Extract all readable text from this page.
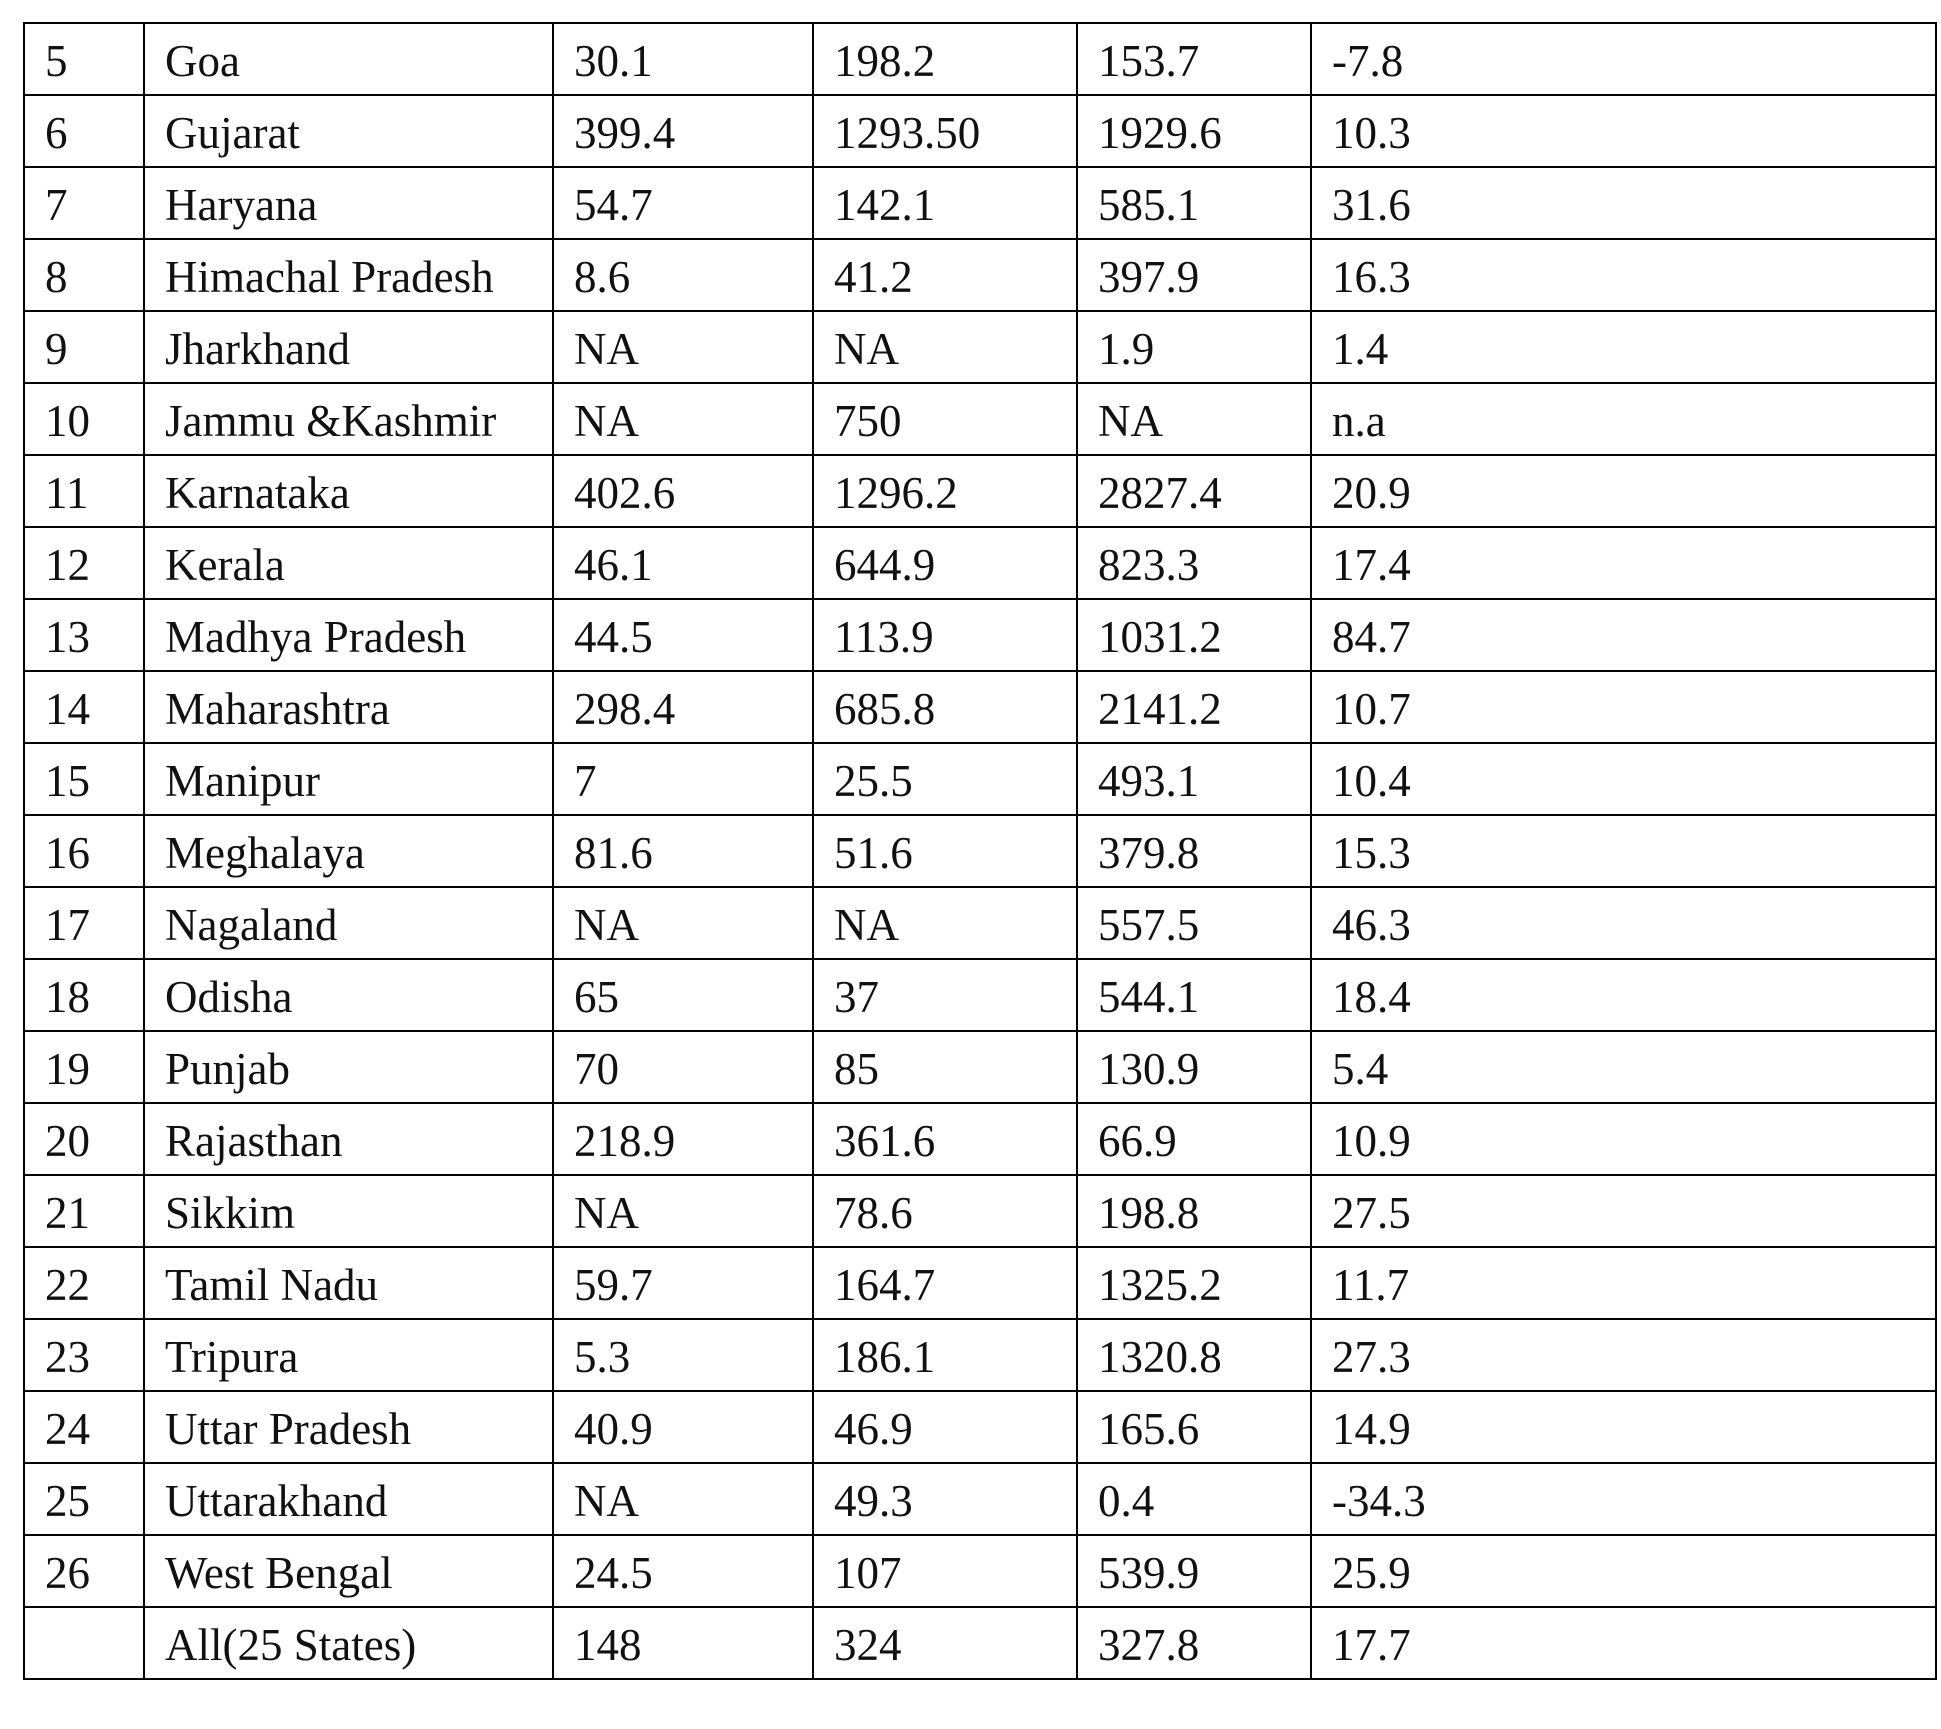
5	Goa	30.1	198.2	153.7	-7.8
6	Gujarat	399.4	1293.50	1929.6	10.3
7	Haryana	54.7	142.1	585.1	31.6
8	Himachal Pradesh	8.6	41.2	397.9	16.3
9	Jharkhand	NA	NA	1.9	1.4
10	Jammu &Kashmir	NA	750	NA	n.a
11	Karnataka	402.6	1296.2	2827.4	20.9
12	Kerala	46.1	644.9	823.3	17.4
13	Madhya Pradesh	44.5	113.9	1031.2	84.7
14	Maharashtra	298.4	685.8	2141.2	10.7
15	Manipur	7	25.5	493.1	10.4
16	Meghalaya	81.6	51.6	379.8	15.3
17	Nagaland	NA	NA	557.5	46.3
18	Odisha	65	37	544.1	18.4
19	Punjab	70	85	130.9	5.4
20	Rajasthan	218.9	361.6	66.9	10.9
21	Sikkim	NA	78.6	198.8	27.5
22	Tamil Nadu	59.7	164.7	1325.2	11.7
23	Tripura	5.3	186.1	1320.8	27.3
24	Uttar Pradesh	40.9	46.9	165.6	14.9
25	Uttarakhand	NA	49.3	0.4	-34.3
26	West Bengal	24.5	107	539.9	25.9
	All(25 States)	148	324	327.8	17.7
